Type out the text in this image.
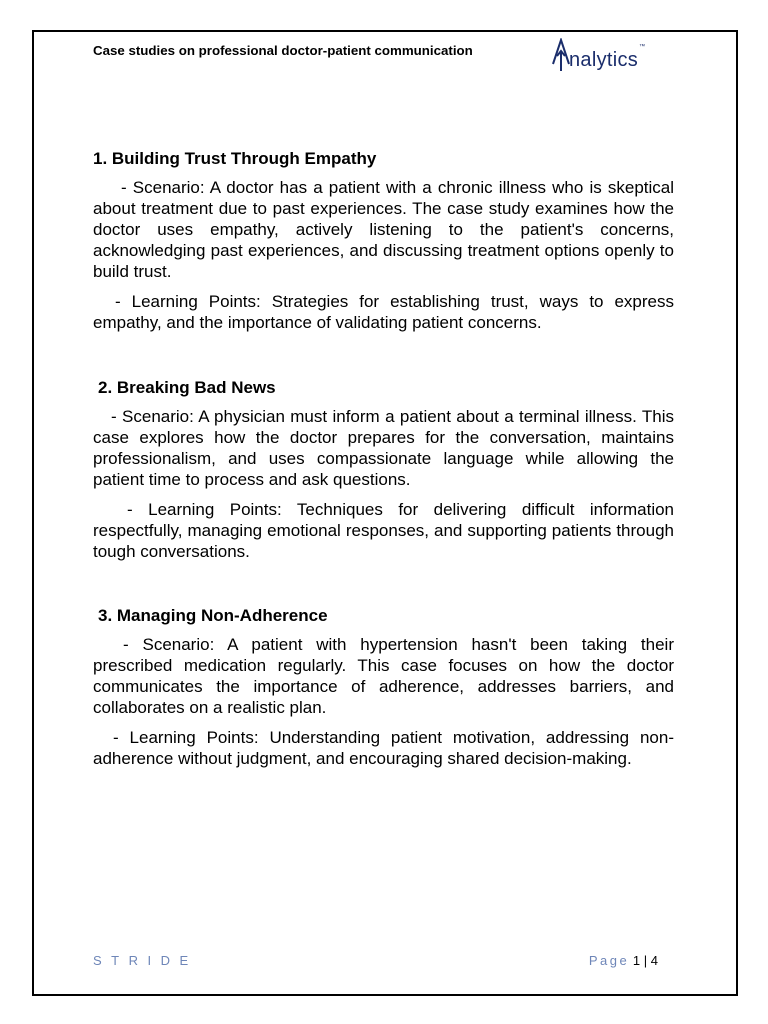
Case studies on professional doctor-patient communication	nalytics
™
1. Building Trust Through Empathy

- Scenario: A doctor has a patient with a chronic illness who is skeptical about treatment due to past experiences. The case study examines how the doctor uses empathy, actively listening to the patient's concerns, acknowledging past experiences, and discussing treatment options openly to build trust.

- Learning Points: Strategies for establishing trust, ways to express empathy, and the importance of validating patient concerns.

2. Breaking Bad News

- Scenario: A physician must inform a patient about a terminal illness. This case explores how the doctor prepares for the conversation, maintains professionalism, and uses compassionate language while allowing the patient time to process and ask questions.

- Learning Points: Techniques for delivering difficult information respectfully, managing emotional responses, and supporting patients through tough conversations.

3. Managing Non-Adherence

- Scenario: A patient with hypertension hasn't been taking their prescribed medication regularly. This case focuses on how the doctor communicates the importance of adherence, addresses barriers, and collaborates on a realistic plan.

- Learning Points: Understanding patient motivation, addressing non-adherence without judgment, and encouraging shared decision-making.

STRIDE	Page 1 | 4
